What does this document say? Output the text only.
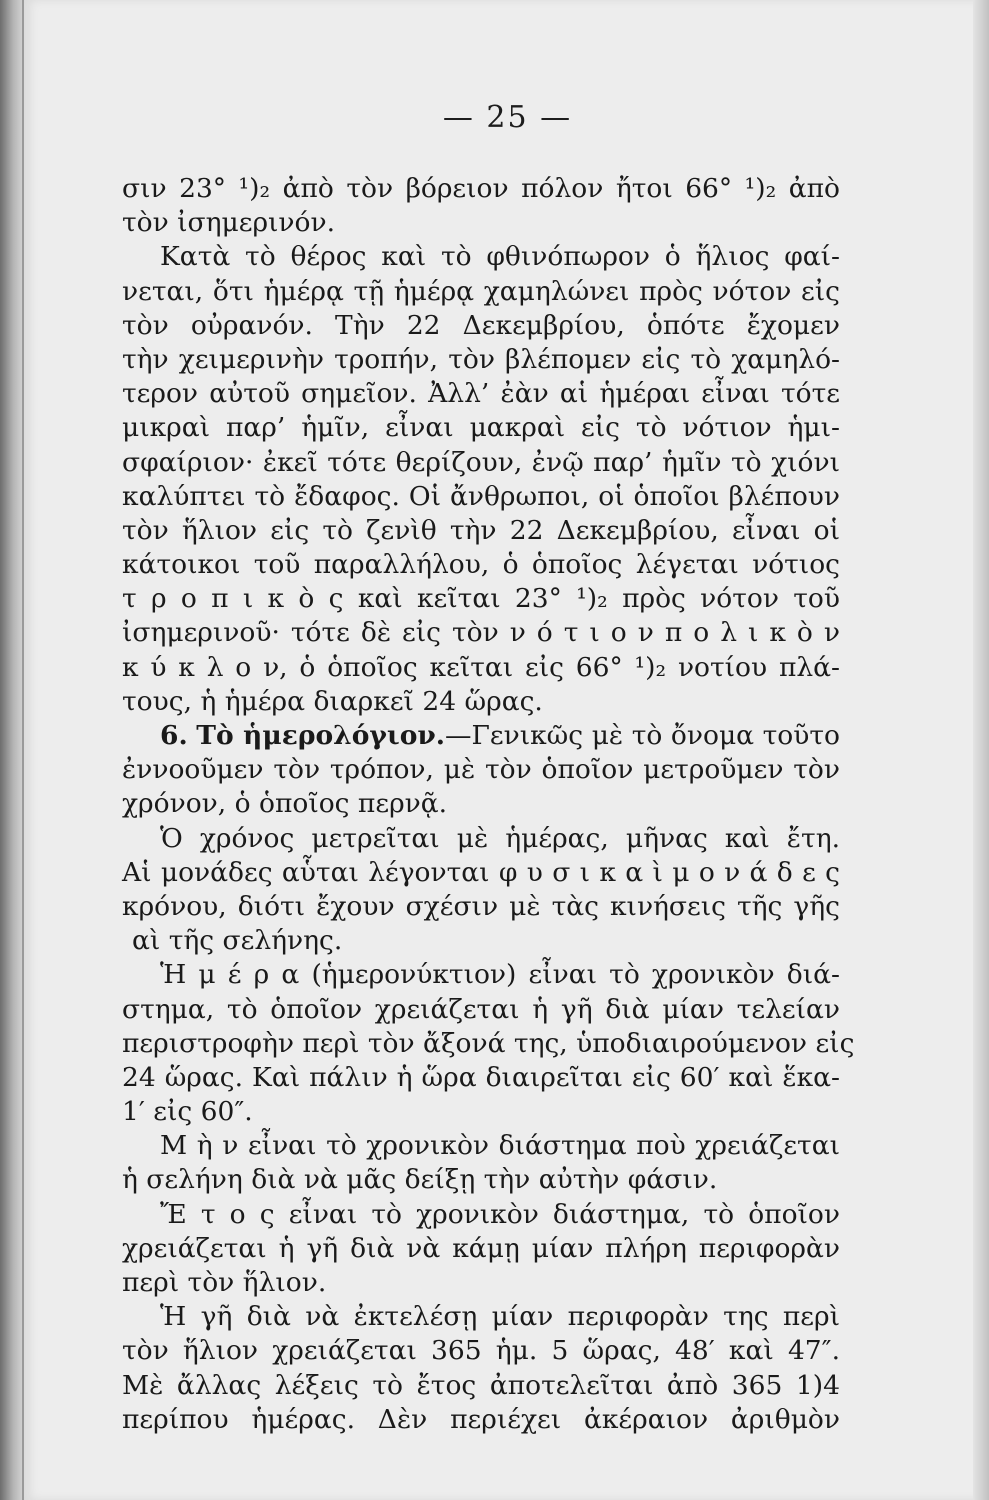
— 25 —
σιν 23° ¹)₂ ἀπὸ τὸν βόρειον πόλον ἤτοι 66° ¹)₂ ἀπὸ
τὸν ἰσημερινόν.
Κατὰ τὸ θέρος καὶ τὸ φθινόπωρον ὁ ἥλιος φαί-
νεται, ὅτι ἡμέρᾳ τῇ ἡμέρᾳ χαμηλώνει πρὸς νότον εἰς
τὸν οὐρανόν. Τὴν 22 Δεκεμβρίου, ὁπότε ἔχομεν
τὴν χειμερινὴν τροπήν, τὸν βλέπομεν εἰς τὸ χαμηλό-
τερον αὐτοῦ σημεῖον. Ἀλλ’ ἐὰν αἱ ἡμέραι εἶναι τότε
μικραὶ παρ’ ἡμῖν, εἶναι μακραὶ εἰς τὸ νότιον ἡμι-
σφαίριον· ἐκεῖ τότε θερίζουν, ἐνῷ παρ’ ἡμῖν τὸ χιόνι
καλύπτει τὸ ἔδαφος. Οἱ ἄνθρωποι, οἱ ὁποῖοι βλέπουν
τὸν ἥλιον εἰς τὸ ζενὶθ τὴν 22 Δεκεμβρίου, εἶναι οἱ
κάτοικοι τοῦ παραλλήλου, ὁ ὁποῖος λέγεται νότιος
τ ρ ο π ι κ ὸ ς καὶ κεῖται 23° ¹)₂ πρὸς νότον τοῦ
ἰσημερινοῦ· τότε δὲ εἰς τὸν ν ό τ ι ο ν π ο λ ι κ ὸ ν
κ ύ κ λ ο ν, ὁ ὁποῖος κεῖται εἰς 66° ¹)₂ νοτίου πλά-
τους, ἡ ἡμέρα διαρκεῖ 24 ὥρας.
6. Τὸ ἡμερολόγιον.—Γενικῶς μὲ τὸ ὄνομα τοῦτο
ἐννοοῦμεν τὸν τρόπον, μὲ τὸν ὁποῖον μετροῦμεν τὸν
χρόνον, ὁ ὁποῖος περνᾷ.
Ὁ χρόνος μετρεῖται μὲ ἡμέρας, μῆνας καὶ ἔτη.
Αἱ μονάδες αὗται λέγονται φ υ σ ι κ α ὶ μ ο ν ά δ ε ς
κρόνου, διότι ἔχουν σχέσιν μὲ τὰς κινήσεις τῆς γῆς
αὶ τῆς σελήνης.
Ἡ μ έ ρ α (ἡμερονύκτιον) εἶναι τὸ χρονικὸν διά-
στημα, τὸ ὁποῖον χρειάζεται ἡ γῆ διὰ μίαν τελείαν
περιστροφὴν περὶ τὸν ἄξονά της, ὑποδιαιρούμενον εἰς
24 ὥρας. Καὶ πάλιν ἡ ὥρα διαιρεῖται εἰς 60′ καὶ ἕκα-
1′ εἰς 60″.
Μ ὴ ν εἶναι τὸ χρονικὸν διάστημα ποὺ χρειάζεται
ἡ σελήνη διὰ νὰ μᾶς δείξῃ τὴν αὐτὴν φάσιν.
Ἔ τ ο ς εἶναι τὸ χρονικὸν διάστημα, τὸ ὁποῖον
χρειάζεται ἡ γῆ διὰ νὰ κάμῃ μίαν πλήρη περιφορὰν
περὶ τὸν ἥλιον.
Ἡ γῆ διὰ νὰ ἐκτελέσῃ μίαν περιφορὰν της περὶ
τὸν ἥλιον χρειάζεται 365 ἡμ. 5 ὥρας, 48′ καὶ 47″.
Μὲ ἄλλας λέξεις τὸ ἔτος ἀποτελεῖται ἀπὸ 365 1)4
περίπου ἡμέρας. Δὲν περιέχει ἀκέραιον ἀριθμὸν
